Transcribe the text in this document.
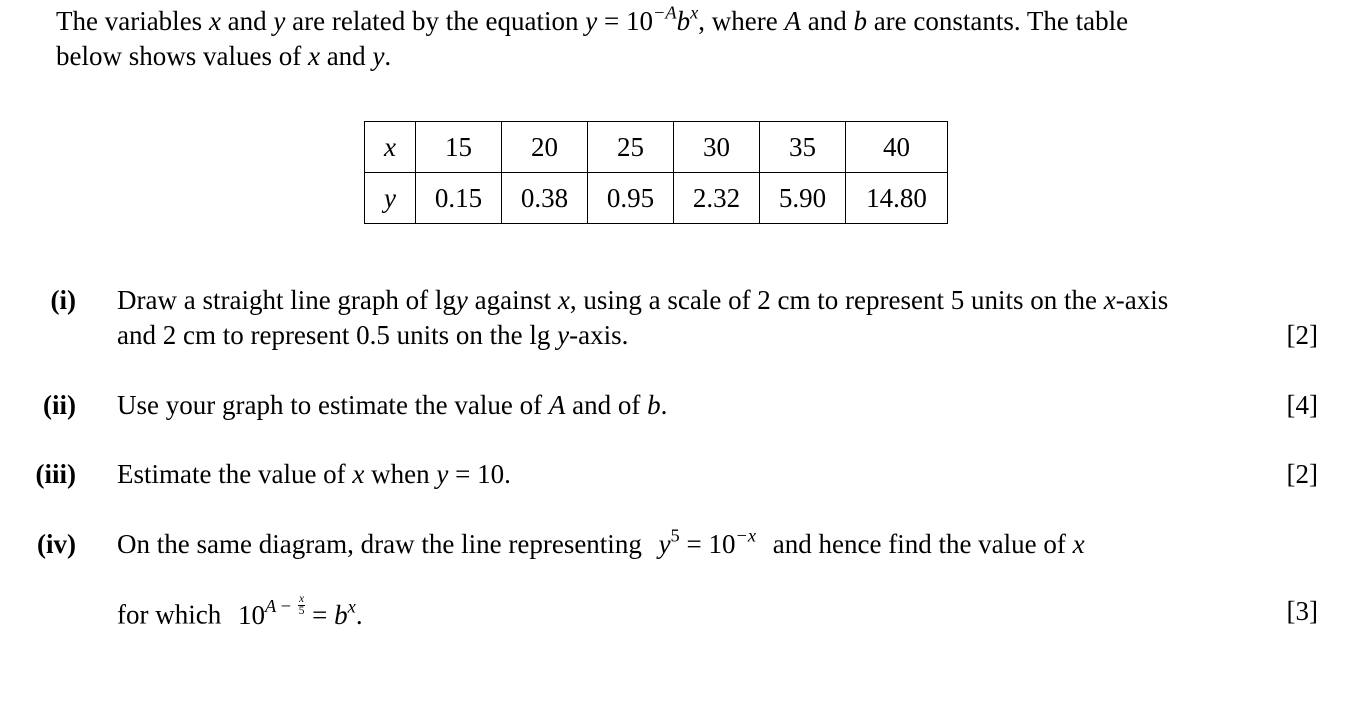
The variables x and y are related by the equation $y = 10^{-A}b^x$, where A and b are constants. The table
below shows values of x and y.
x	15	20	25	30	35	40
y	0.15	0.38	0.95	2.32	5.90	14.80
(i) Draw a straight line graph of lgy against x, using a scale of 2 cm to represent 5 units on the x-axis
and 2 cm to represent 0.5 units on the lg y-axis.	[2]
(ii) Use your graph to estimate the value of A and of b.	[4]
(iii) Estimate the value of x when y = 10.	[2]
(iv) On the same diagram, draw the line representing $y^5 = 10^{-x}$ and hence find the value of x
for which $10^{A - \frac{x}{5}} = b^x$.	[3]
